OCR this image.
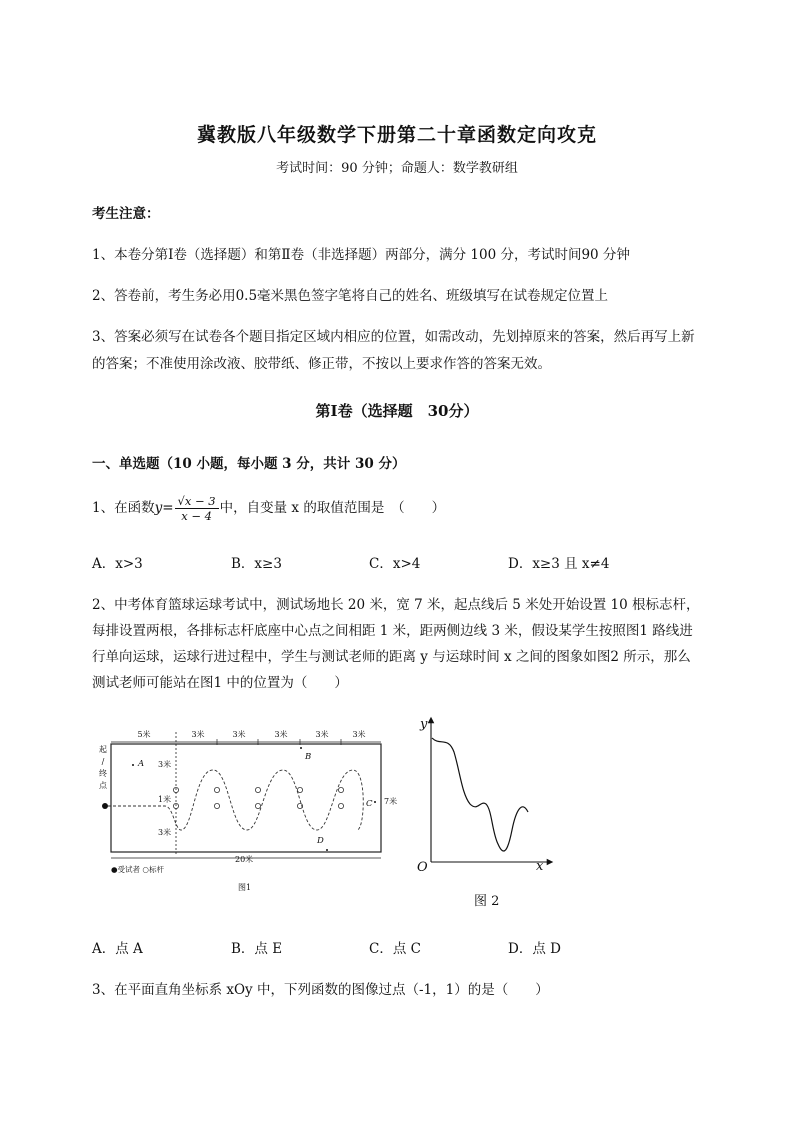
冀教版八年级数学下册第二十章函数定向攻克
考试时间：90 分钟；命题人：数学教研组
考生注意：
1、本卷分第Ⅰ卷（选择题）和第Ⅱ卷（非选择题）两部分，满分 100 分，考试时间90 分钟
2、答卷前，考生务必用0.5毫米黑色签字笔将自己的姓名、班级填写在试卷规定位置上
3、答案必须写在试卷各个题目指定区域内相应的位置，如需改动，先划掉原来的答案，然后再写上新
的答案；不准使用涂改液、胶带纸、修正带，不按以上要求作答的答案无效。
第Ⅰ卷（选择题　30分）
一、单选题（10 小题，每小题 3 分，共计 30 分）
1、在函数$y= \frac{√x - 3}{x - 4}$ 中，自变量 x 的取值范围是　（　　）
A．x>3	B．x≥3	C．x>4	D．x≥3 且 x≠4
2、中考体育篮球运球考试中，测试场地长 20 米，宽 7 米，起点线后 5 米处开始设置 10 根标志杆，
每排设置两根，各排标志杆底座中心点之间相距 1 米，距两侧边线 3 米，假设某学生按照图1 路线进
行单向运球，运球行进过程中，学生与测试老师的距离 y 与运球时间 x 之间的图象如图2 所示，那么
测试老师可能站在图1 中的位置为（　　）
5米	3米	3米	3米	3米	3米
3米
1米
3米
7米
20米
起
/
终
点
A
B
C
D
●受试者 ○标杆
图1
y
x
O
图 2
A．点 A	B．点 E	C．点 C	D．点 D
3、在平面直角坐标系 xOy 中，下列函数的图像过点（-1，1）的是（　　）
